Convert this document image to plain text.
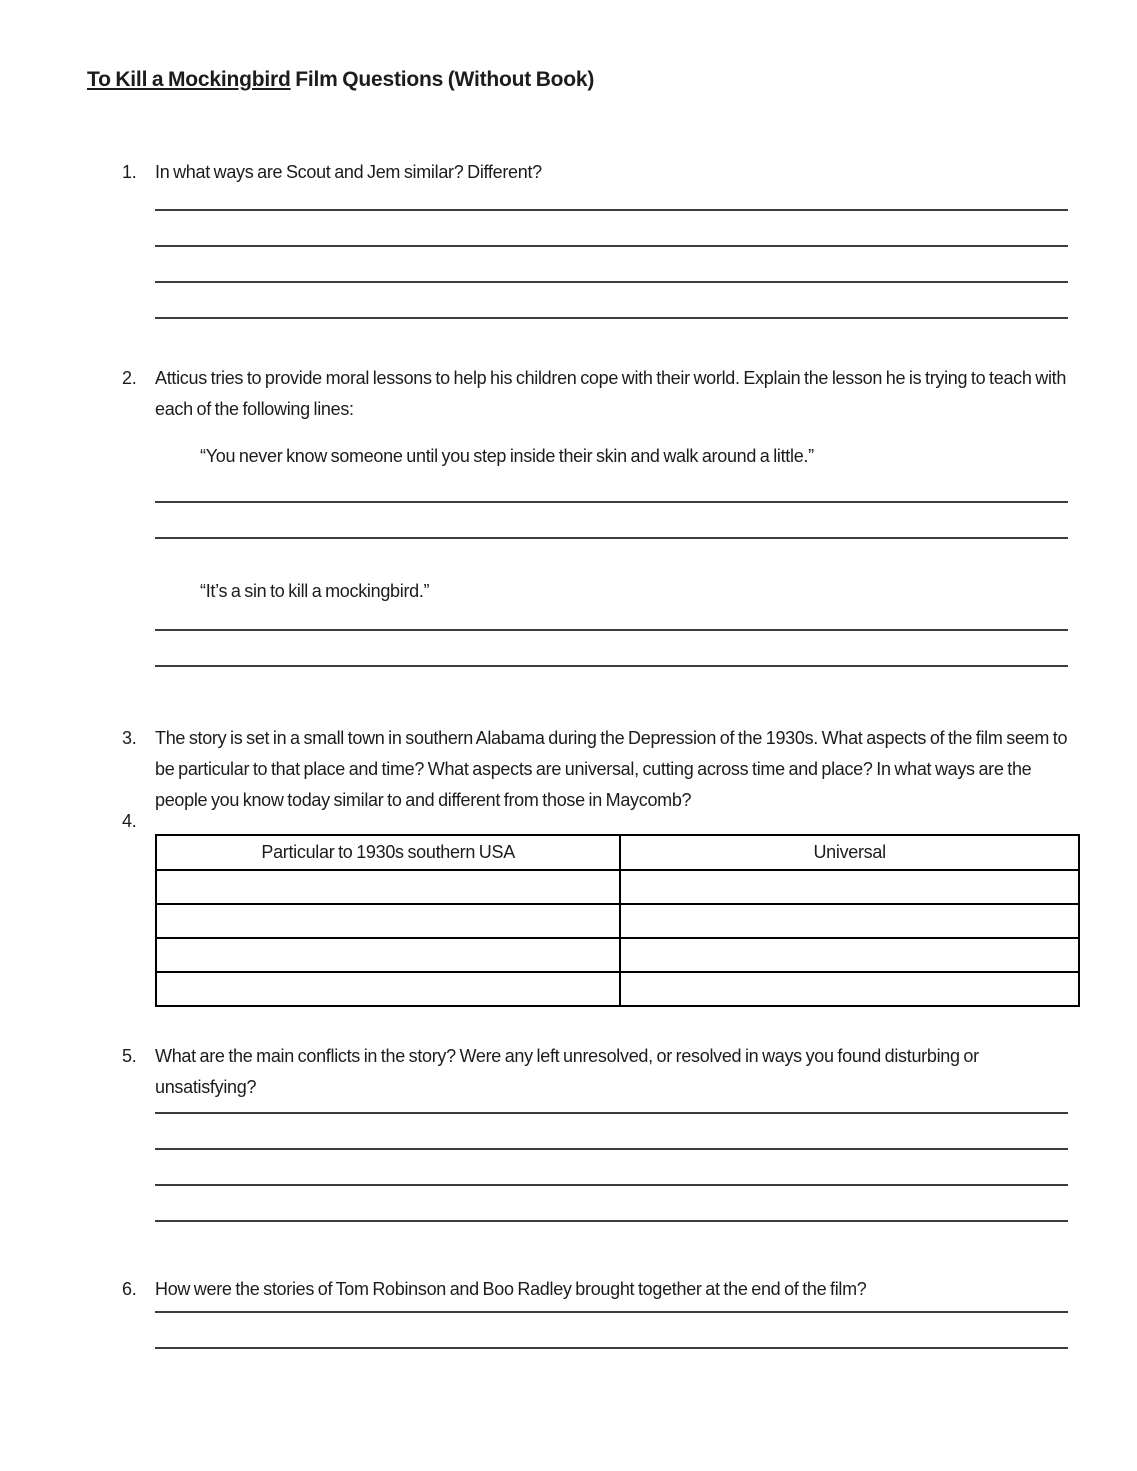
To Kill a Mockingbird Film Questions (Without Book)
1.	In what ways are Scout and Jem similar? Different?
2.	Atticus tries to provide moral lessons to help his children cope with their world. Explain the lesson he is trying to teach with each of the following lines:
“You never know someone until you step inside their skin and walk around a little.”
“It’s a sin to kill a mockingbird.”
3.	The story is set in a small town in southern Alabama during the Depression of the 1930s. What aspects of the film seem to be particular to that place and time? What aspects are universal, cutting across time and place? In what ways are the people you know today similar to and different from those in Maycomb?
4.
Particular to 1930s southern USA	Universal

5.	What are the main conflicts in the story? Were any left unresolved, or resolved in ways you found disturbing or unsatisfying?
6.	How were the stories of Tom Robinson and Boo Radley brought together at the end of the film?
